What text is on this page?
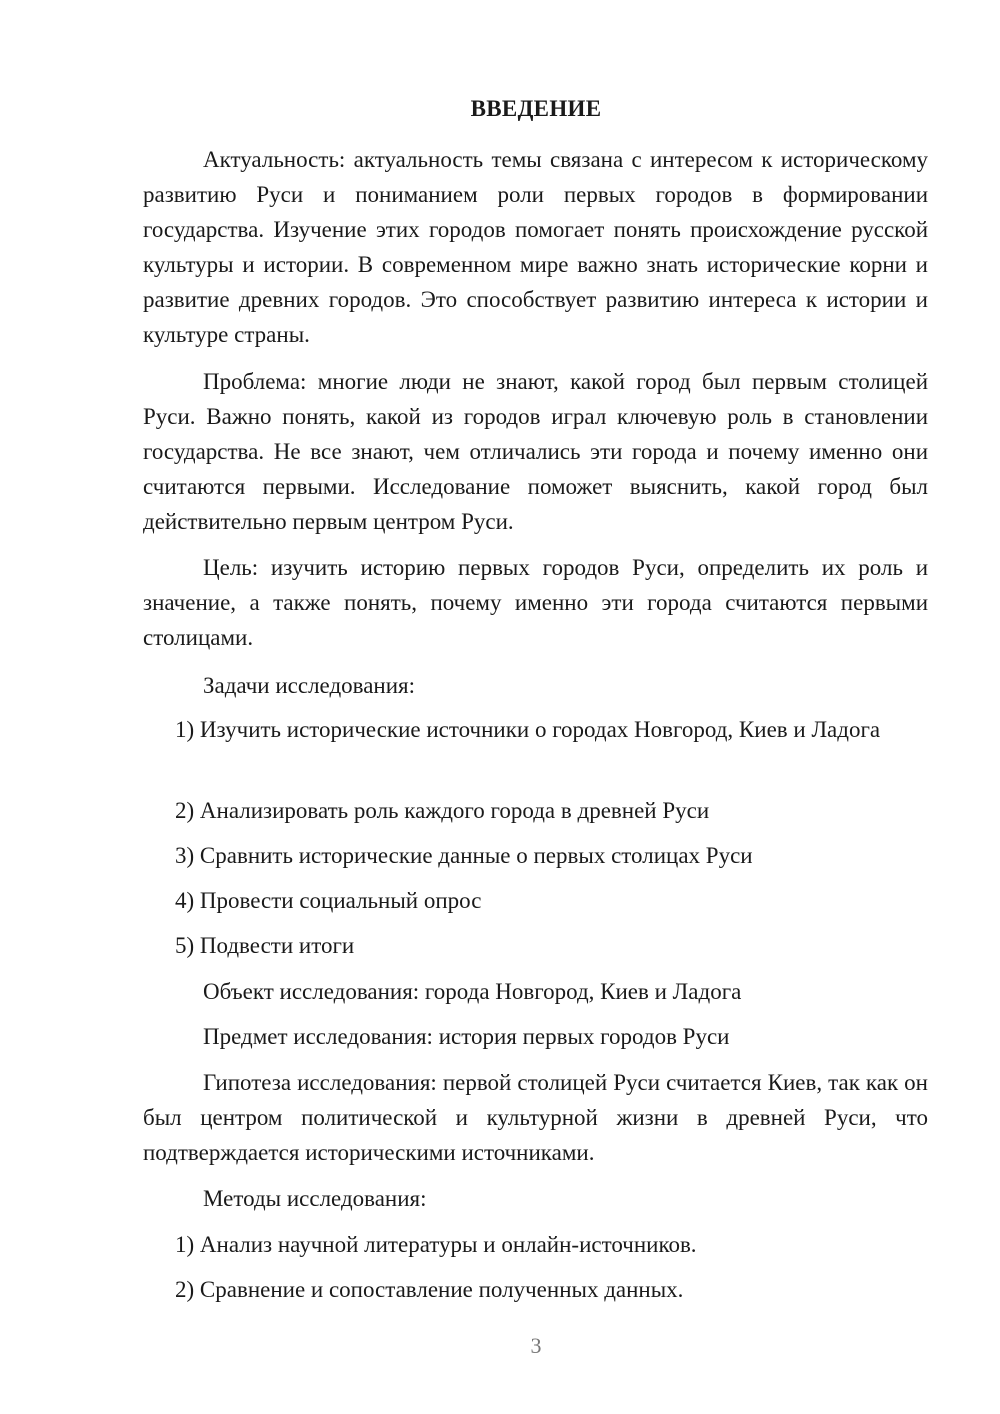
ВВЕДЕНИЕ

Актуальность: актуальность темы связана с интересом к историческому развитию Руси и пониманием роли первых городов в формировании государства. Изучение этих городов помогает понять происхождение русской культуры и истории. В современном мире важно знать исторические корни и развитие древних городов. Это способствует развитию интереса к истории и культуре страны.

Проблема: многие люди не знают, какой город был первым столицей Руси. Важно понять, какой из городов играл ключевую роль в становлении государства. Не все знают, чем отличались эти города и почему именно они считаются первыми. Исследование поможет выяснить, какой город был действительно первым центром Руси.

Цель: изучить историю первых городов Руси, определить их роль и значение, а также понять, почему именно эти города считаются первыми столицами.

Задачи исследования:

1) Изучить исторические источники о городах Новгород, Киев и Ладога

2) Анализировать роль каждого города в древней Руси

3) Сравнить исторические данные о первых столицах Руси

4) Провести социальный опрос

5) Подвести итоги

Объект исследования: города Новгород, Киев и Ладога

Предмет исследования: история первых городов Руси

Гипотеза исследования: первой столицей Руси считается Киев, так как он был центром политической и культурной жизни в древней Руси, что подтверждается историческими источниками.

Методы исследования:

1) Анализ научной литературы и онлайн-источников.

2) Сравнение и сопоставление полученных данных.

3
